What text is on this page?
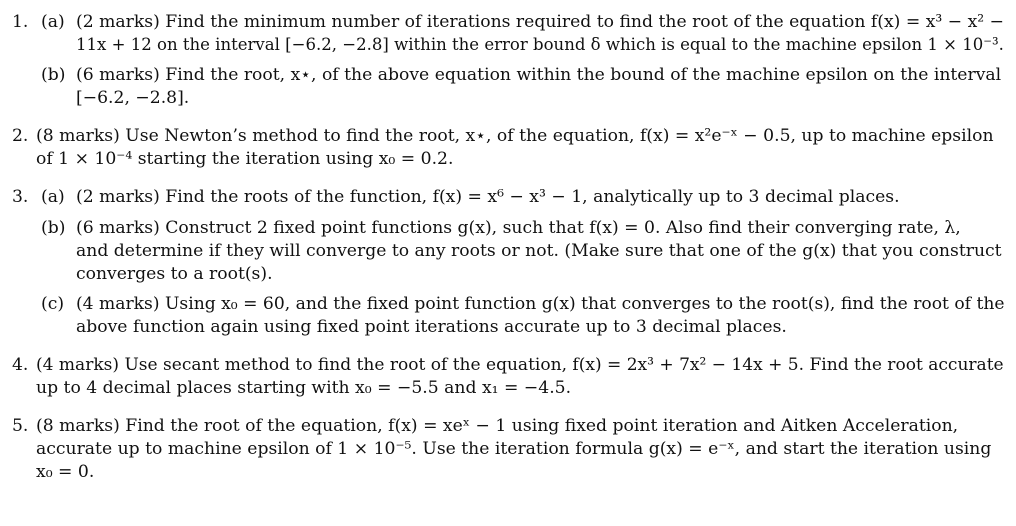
1. (a) (2 marks) Find the minimum number of iterations required to find the root of the equation f(x) = x³ − x² −
11x + 12 on the interval [−6.2, −2.8] within the error bound δ which is equal to the machine epsilon 1 × 10⁻³.
(b) (6 marks) Find the root, x⋆, of the above equation within the bound of the machine epsilon on the interval
[−6.2, −2.8].
2. (8 marks) Use Newton’s method to find the root, x⋆, of the equation, f(x) = x²e⁻ˣ − 0.5, up to machine epsilon
of 1 × 10⁻⁴ starting the iteration using x₀ = 0.2.
3. (a) (2 marks) Find the roots of the function, f(x) = x⁶ − x³ − 1, analytically up to 3 decimal places.
(b) (6 marks) Construct 2 fixed point functions g(x), such that f(x) = 0. Also find their converging rate, λ,
and determine if they will converge to any roots or not. (Make sure that one of the g(x) that you construct
converges to a root(s).
(c) (4 marks) Using x₀ = 60, and the fixed point function g(x) that converges to the root(s), find the root of the
above function again using fixed point iterations accurate up to 3 decimal places.
4. (4 marks) Use secant method to find the root of the equation, f(x) = 2x³ + 7x² − 14x + 5. Find the root accurate
up to 4 decimal places starting with x₀ = −5.5 and x₁ = −4.5.
5. (8 marks) Find the root of the equation, f(x) = xeˣ − 1 using fixed point iteration and Aitken Acceleration,
accurate up to machine epsilon of 1 × 10⁻⁵. Use the iteration formula g(x) = e⁻ˣ, and start the iteration using
x₀ = 0.
